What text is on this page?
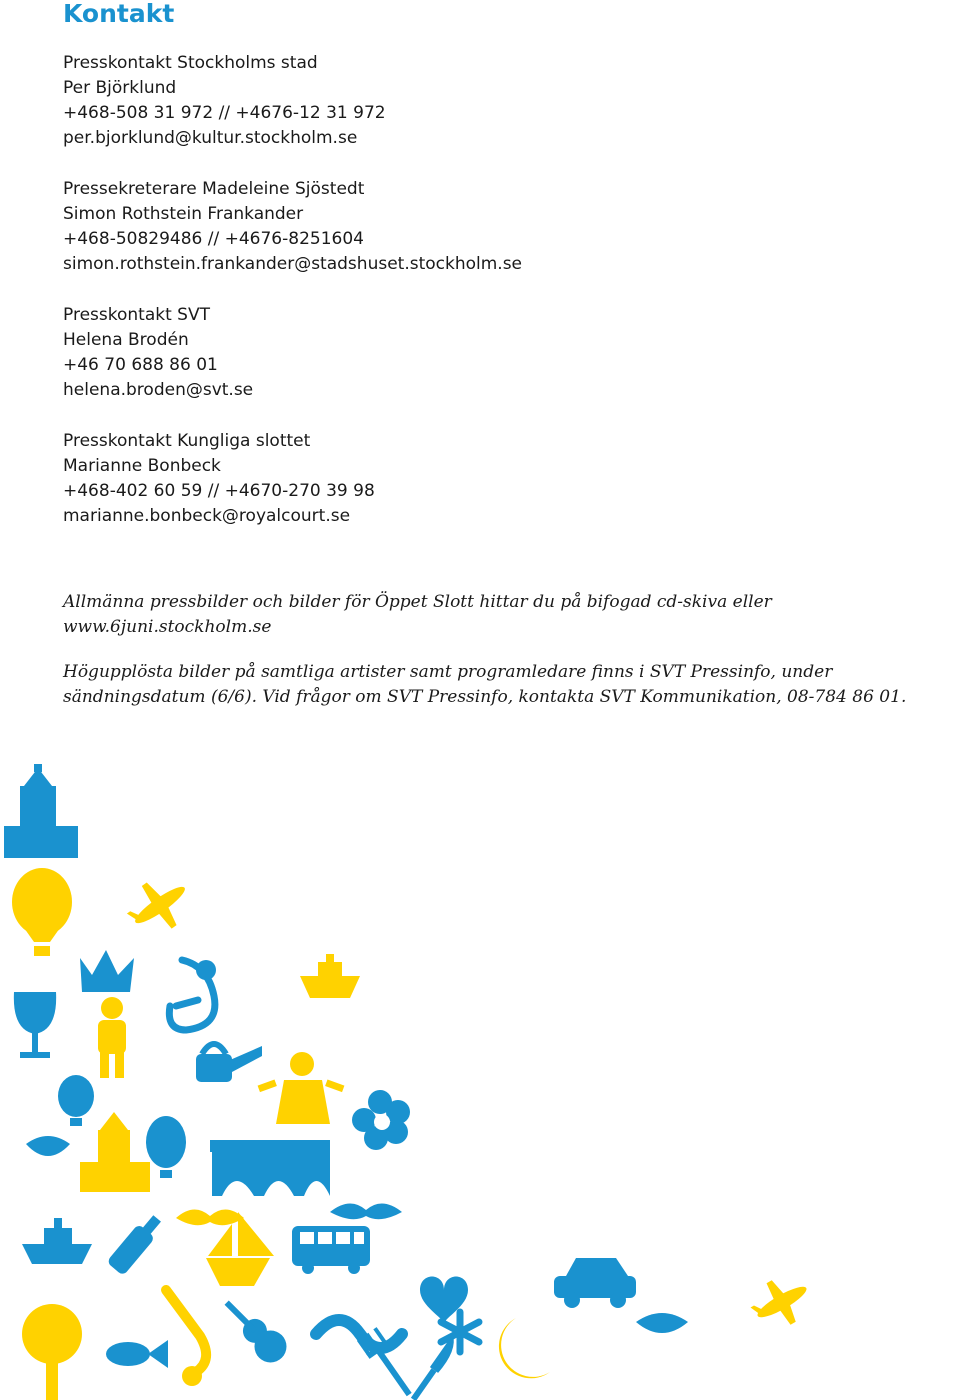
Kontakt
Presskontakt Stockholms stad
Per Björklund
+468-508 31 972 // +4676-12 31 972
per.bjorklund@kultur.stockholm.se
Pressekreterare Madeleine Sjöstedt
Simon Rothstein Frankander
+468-50829486 // +4676-8251604
simon.rothstein.frankander@stadshuset.stockholm.se
Presskontakt SVT
Helena Brodén
+46 70 688 86 01
helena.broden@svt.se
Presskontakt Kungliga slottet
Marianne Bonbeck
+468-402 60 59 // +4670-270 39 98
marianne.bonbeck@royalcourt.se

Allmänna pressbilder och bilder för Öppet Slott hittar du på bifogad cd-skiva eller www.6juni.stockholm.se

Högupplösta bilder på samtliga artister samt programledare finns i SVT Pressinfo, under sändningsdatum (6/6). Vid frågor om SVT Pressinfo, kontakta SVT Kommunikation, 08-784 86 01.
